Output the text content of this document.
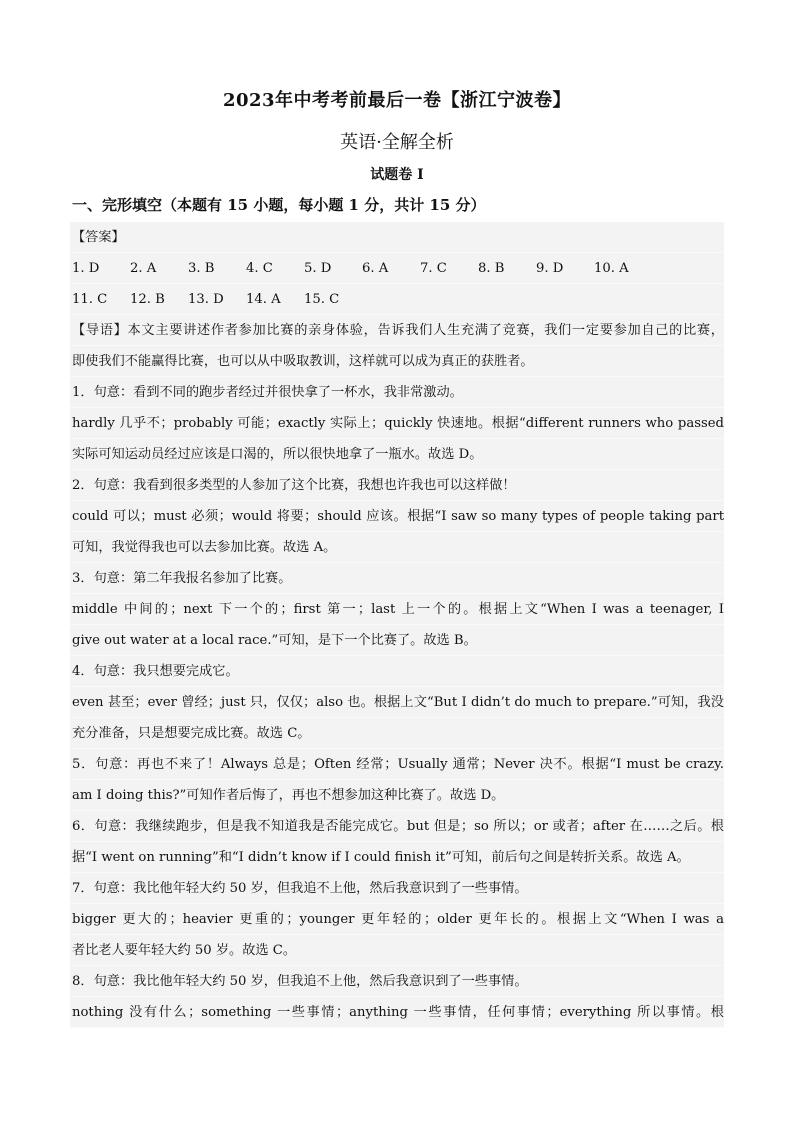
2023年中考考前最后一卷【浙江宁波卷】
英语·全解全析
试题卷 I
一、完形填空（本题有 15 小题，每小题 1 分，共计 15 分）
【答案】
1. D 2. A 3. B 4. C 5. D 6. A 7. C 8. B 9. D 10. A
11. C 12. B 13. D 14. A 15. C
【导语】本文主要讲述作者参加比赛的亲身体验，告诉我们人生充满了竞赛，我们一定要参加自己的比赛，
即使我们不能赢得比赛，也可以从中吸取教训，这样就可以成为真正的获胜者。
1．句意：看到不同的跑步者经过并很快拿了一杯水，我非常激动。
hardly 几乎不；probably 可能；exactly 实际上；quickly 快速地。根据“different runners who passed
实际可知运动员经过应该是口渴的，所以很快地拿了一瓶水。故选 D。
2．句意：我看到很多类型的人参加了这个比赛，我想也许我也可以这样做！
could 可以；must 必须；would 将要；should 应该。根据“I saw so many types of people taking part
可知，我觉得我也可以去参加比赛。故选 A。
3．句意：第二年我报名参加了比赛。
middle 中间的；next 下一个的；first 第一；last 上一个的。根据上文“When I was a teenager, I
give out water at a local race.”可知，是下一个比赛了。故选 B。
4．句意：我只想要完成它。
even 甚至；ever 曾经；just 只，仅仅；also 也。根据上文“But I didn’t do much to prepare.”可知，我没
充分准备，只是想要完成比赛。故选 C。
5．句意：再也不来了！Always 总是；Often 经常；Usually 通常；Never 决不。根据“I must be crazy.
am I doing this?”可知作者后悔了，再也不想参加这种比赛了。故选 D。
6．句意：我继续跑步，但是我不知道我是否能完成它。but 但是；so 所以；or 或者；after 在……之后。根
据“I went on running”和“I didn’t know if I could finish it”可知，前后句之间是转折关系。故选 A。
7．句意：我比他年轻大约 50 岁，但我追不上他，然后我意识到了一些事情。
bigger 更大的；heavier 更重的；younger 更年轻的；older 更年长的。根据上文“When I was a
者比老人要年轻大约 50 岁。故选 C。
8．句意：我比他年轻大约 50 岁，但我追不上他，然后我意识到了一些事情。
nothing 没有什么；something 一些事情；anything 一些事情，任何事情；everything 所以事情。根
